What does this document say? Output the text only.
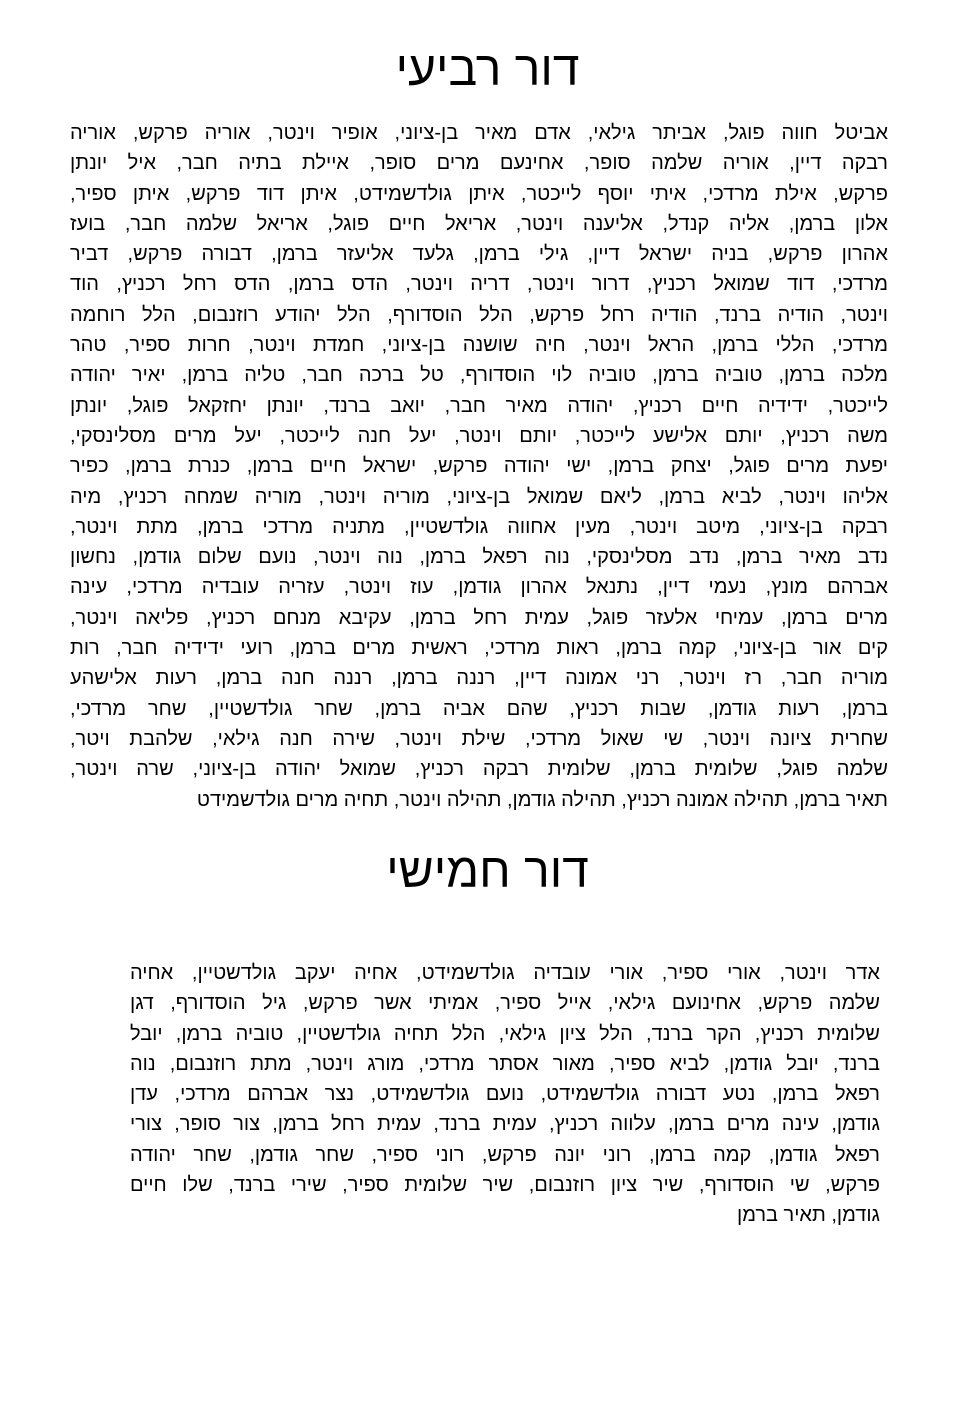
דור רביעי
אביטל חווה פוגל, אביתר גילאי, אדם מאיר בן-ציוני, אופיר וינטר, אוריה פרקש, אוריה
רבקה דיין, אוריה שלמה סופר, אחינעם מרים סופר, איילת בתיה חבר, איל יונתן
פרקש, אילת מרדכי, איתי יוסף לייכטר, איתן גולדשמידט, איתן דוד פרקש, איתן ספיר,
אלון ברמן, אליה קנדל, אליענה וינטר, אריאל חיים פוגל, אריאל שלמה חבר, בועז
אהרון פרקש, בניה ישראל דיין, גילי ברמן, גלעד אליעזר ברמן, דבורה פרקש, דביר
מרדכי, דוד שמואל רכניץ, דרור וינטר, דריה וינטר, הדס ברמן, הדס רחל רכניץ, הוד
וינטר, הודיה ברנד, הודיה רחל פרקש, הלל הוסדורף, הלל יהודע רוזנבום, הלל רוחמה
מרדכי, הללי ברמן, הראל וינטר, חיה שושנה בן-ציוני, חמדת וינטר, חרות ספיר, טהר
מלכה ברמן, טוביה ברמן, טוביה לוי הוסדורף, טל ברכה חבר, טליה ברמן, יאיר יהודה
לייכטר, ידידיה חיים רכניץ, יהודה מאיר חבר, יואב ברנד, יונתן יחזקאל פוגל, יונתן
משה רכניץ, יותם אלישע לייכטר, יותם וינטר, יעל חנה לייכטר, יעל מרים מסלינסקי,
יפעת מרים פוגל, יצחק ברמן, ישי יהודה פרקש, ישראל חיים ברמן, כנרת ברמן, כפיר
אליהו וינטר, לביא ברמן, ליאם שמואל בן-ציוני, מוריה וינטר, מוריה שמחה רכניץ, מיה
רבקה בן-ציוני, מיטב וינטר, מעין אחווה גולדשטיין, מתניה מרדכי ברמן, מתת וינטר,
נדב מאיר ברמן, נדב מסלינסקי, נוה רפאל ברמן, נוה וינטר, נועם שלום גודמן, נחשון
אברהם מונץ, נעמי דיין, נתנאל אהרון גודמן, עוז וינטר, עזריה עובדיה מרדכי, עינה
מרים ברמן, עמיחי אלעזר פוגל, עמית רחל ברמן, עקיבא מנחם רכניץ, פליאה וינטר,
קים אור בן-ציוני, קמה ברמן, ראות מרדכי, ראשית מרים ברמן, רועי ידידיה חבר, רות
מוריה חבר, רז וינטר, רני אמונה דיין, רננה ברמן, רננה חנה ברמן, רעות אלישהע
ברמן, רעות גודמן, שבות רכניץ, שהם אביה ברמן, שחר גולדשטיין, שחר מרדכי,
שחרית ציונה וינטר, שי שאול מרדכי, שילת וינטר, שירה חנה גילאי, שלהבת ויטר,
שלמה פוגל, שלומית ברמן, שלומית רבקה רכניץ, שמואל יהודה בן-ציוני, שרה וינטר,
תאיר ברמן, תהילה אמונה רכניץ, תהילה גודמן, תהילה וינטר, תחיה מרים גולדשמידט
דור חמישי
אדר וינטר, אורי ספיר, אורי עובדיה גולדשמידט, אחיה יעקב גולדשטיין, אחיה
שלמה פרקש, אחינועם גילאי, אייל ספיר, אמיתי אשר פרקש, גיל הוסדורף, דגן
שלומית רכניץ, הקר ברנד, הלל ציון גילאי, הלל תחיה גולדשטיין, טוביה ברמן, יובל
ברנד, יובל גודמן, לביא ספיר, מאור אסתר מרדכי, מורג וינטר, מתת רוזנבום, נוה
רפאל ברמן, נטע דבורה גולדשמידט, נועם גולדשמידט, נצר אברהם מרדכי, עדן
גודמן, עינה מרים ברמן, עלווה רכניץ, עמית ברנד, עמית רחל ברמן, צור סופר, צורי
רפאל גודמן, קמה ברמן, רוני יונה פרקש, רוני ספיר, שחר גודמן, שחר יהודה
פרקש, שי הוסדורף, שיר ציון רוזנבום, שיר שלומית ספיר, שירי ברנד, שלו חיים
גודמן, תאיר ברמן
